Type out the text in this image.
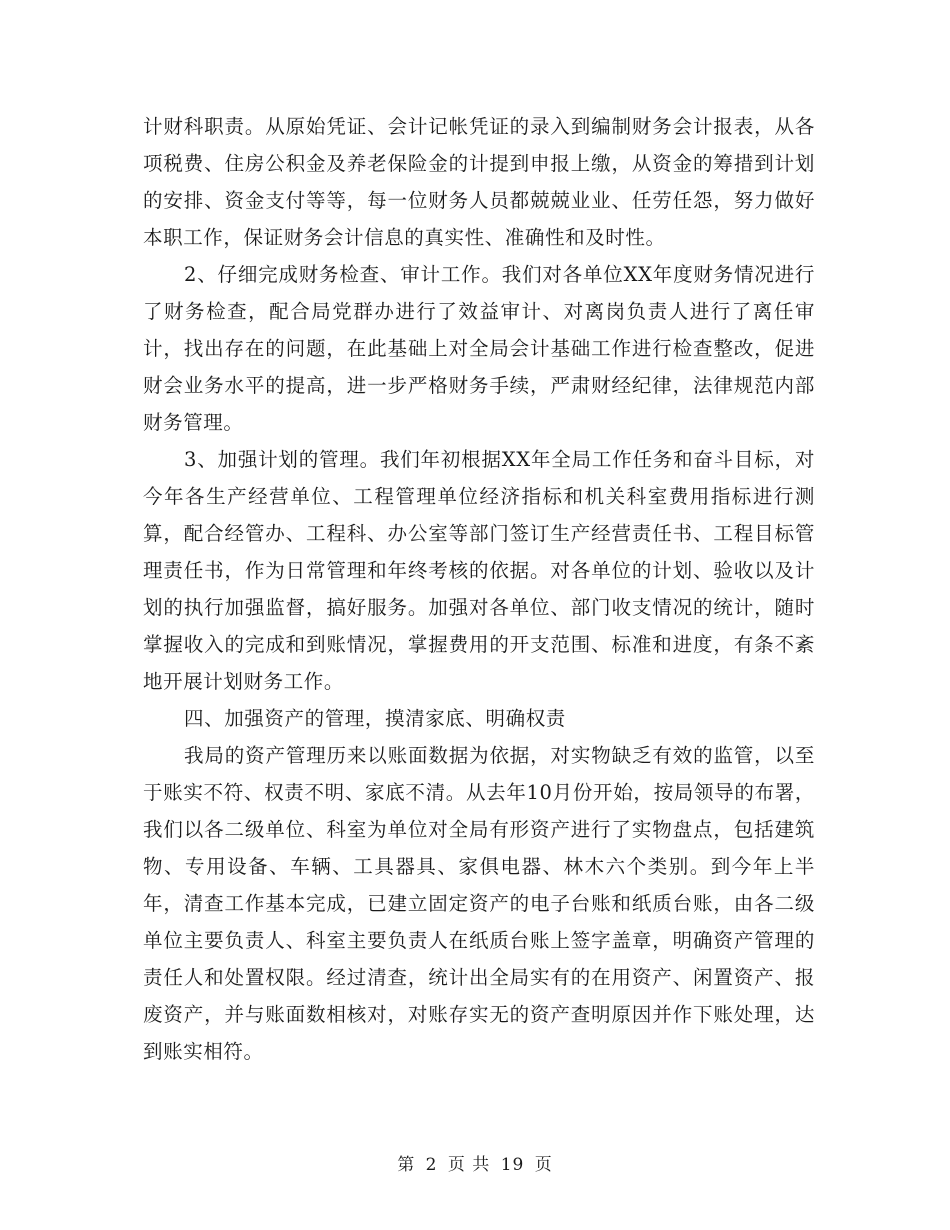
计财科职责。从原始凭证、会计记帐凭证的录入到编制财务会计报表，从各项税费、住房公积金及养老保险金的计提到申报上缴，从资金的筹措到计划的安排、资金支付等等，每一位财务人员都兢兢业业、任劳任怨，努力做好本职工作，保证财务会计信息的真实性、准确性和及时性。

2、仔细完成财务检查、审计工作。我们对各单位XX年度财务情况进行了财务检查，配合局党群办进行了效益审计、对离岗负责人进行了离任审计，找出存在的问题，在此基础上对全局会计基础工作进行检查整改，促进财会业务水平的提高，进一步严格财务手续，严肃财经纪律，法律规范内部财务管理。

3、加强计划的管理。我们年初根据XX年全局工作任务和奋斗目标，对今年各生产经营单位、工程管理单位经济指标和机关科室费用指标进行测算，配合经管办、工程科、办公室等部门签订生产经营责任书、工程目标管理责任书，作为日常管理和年终考核的依据。对各单位的计划、验收以及计划的执行加强监督，搞好服务。加强对各单位、部门收支情况的统计，随时掌握收入的完成和到账情况，掌握费用的开支范围、标准和进度，有条不紊地开展计划财务工作。

四、加强资产的管理，摸清家底、明确权责

我局的资产管理历来以账面数据为依据，对实物缺乏有效的监管，以至于账实不符、权责不明、家底不清。从去年10月份开始，按局领导的布署，我们以各二级单位、科室为单位对全局有形资产进行了实物盘点，包括建筑物、专用设备、车辆、工具器具、家俱电器、林木六个类别。到今年上半年，清查工作基本完成，已建立固定资产的电子台账和纸质台账，由各二级单位主要负责人、科室主要负责人在纸质台账上签字盖章，明确资产管理的责任人和处置权限。经过清查，统计出全局实有的在用资产、闲置资产、报废资产，并与账面数相核对，对账存实无的资产查明原因并作下账处理，达到账实相符。

第 2 页 共 19 页
